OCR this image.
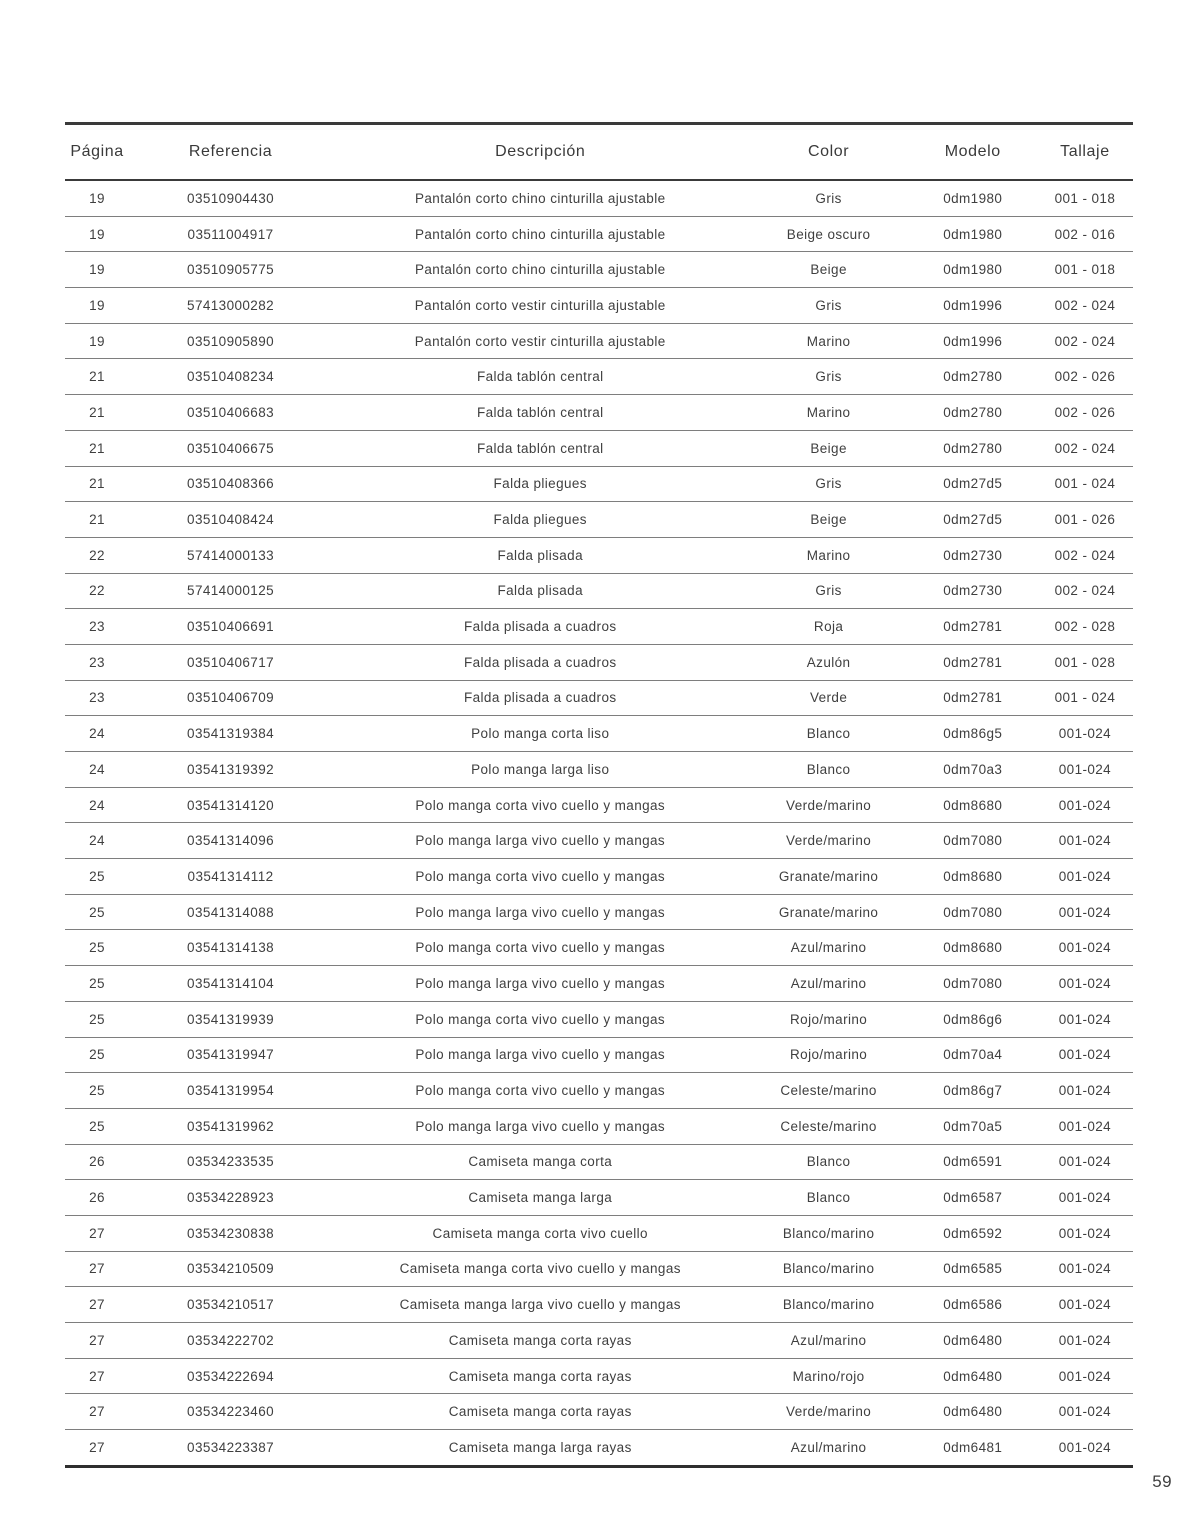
Página	Referencia	Descripción	Color	Modelo	Tallaje
19	03510904430	Pantalón corto chino cinturilla ajustable	Gris	0dm1980	001 - 018
19	03511004917	Pantalón corto chino cinturilla ajustable	Beige oscuro	0dm1980	002 - 016
19	03510905775	Pantalón corto chino cinturilla ajustable	Beige	0dm1980	001 - 018
19	57413000282	Pantalón corto vestir cinturilla ajustable	Gris	0dm1996	002 - 024
19	03510905890	Pantalón corto vestir cinturilla ajustable	Marino	0dm1996	002 - 024
21	03510408234	Falda tablón central	Gris	0dm2780	002 - 026
21	03510406683	Falda tablón central	Marino	0dm2780	002 - 026
21	03510406675	Falda tablón central	Beige	0dm2780	002 - 024
21	03510408366	Falda pliegues	Gris	0dm27d5	001 - 024
21	03510408424	Falda pliegues	Beige	0dm27d5	001 - 026
22	57414000133	Falda plisada	Marino	0dm2730	002 - 024
22	57414000125	Falda plisada	Gris	0dm2730	002 - 024
23	03510406691	Falda plisada a cuadros	Roja	0dm2781	002 - 028
23	03510406717	Falda plisada a cuadros	Azulón	0dm2781	001 - 028
23	03510406709	Falda plisada a cuadros	Verde	0dm2781	001 - 024
24	03541319384	Polo manga corta liso	Blanco	0dm86g5	001-024
24	03541319392	Polo manga larga liso	Blanco	0dm70a3	001-024
24	03541314120	Polo manga corta vivo cuello y mangas	Verde/marino	0dm8680	001-024
24	03541314096	Polo manga larga vivo cuello y mangas	Verde/marino	0dm7080	001-024
25	03541314112	Polo manga corta vivo cuello y mangas	Granate/marino	0dm8680	001-024
25	03541314088	Polo manga larga vivo cuello y mangas	Granate/marino	0dm7080	001-024
25	03541314138	Polo manga corta vivo cuello y mangas	Azul/marino	0dm8680	001-024
25	03541314104	Polo manga larga vivo cuello y mangas	Azul/marino	0dm7080	001-024
25	03541319939	Polo manga corta vivo cuello y mangas	Rojo/marino	0dm86g6	001-024
25	03541319947	Polo manga larga vivo cuello y mangas	Rojo/marino	0dm70a4	001-024
25	03541319954	Polo manga corta vivo cuello y mangas	Celeste/marino	0dm86g7	001-024
25	03541319962	Polo manga larga vivo cuello y mangas	Celeste/marino	0dm70a5	001-024
26	03534233535	Camiseta manga corta	Blanco	0dm6591	001-024
26	03534228923	Camiseta manga larga	Blanco	0dm6587	001-024
27	03534230838	Camiseta manga corta vivo cuello	Blanco/marino	0dm6592	001-024
27	03534210509	Camiseta manga corta vivo cuello y mangas	Blanco/marino	0dm6585	001-024
27	03534210517	Camiseta manga larga vivo cuello y mangas	Blanco/marino	0dm6586	001-024
27	03534222702	Camiseta manga corta rayas	Azul/marino	0dm6480	001-024
27	03534222694	Camiseta manga corta rayas	Marino/rojo	0dm6480	001-024
27	03534223460	Camiseta manga corta rayas	Verde/marino	0dm6480	001-024
27	03534223387	Camiseta manga larga rayas	Azul/marino	0dm6481	001-024
59
